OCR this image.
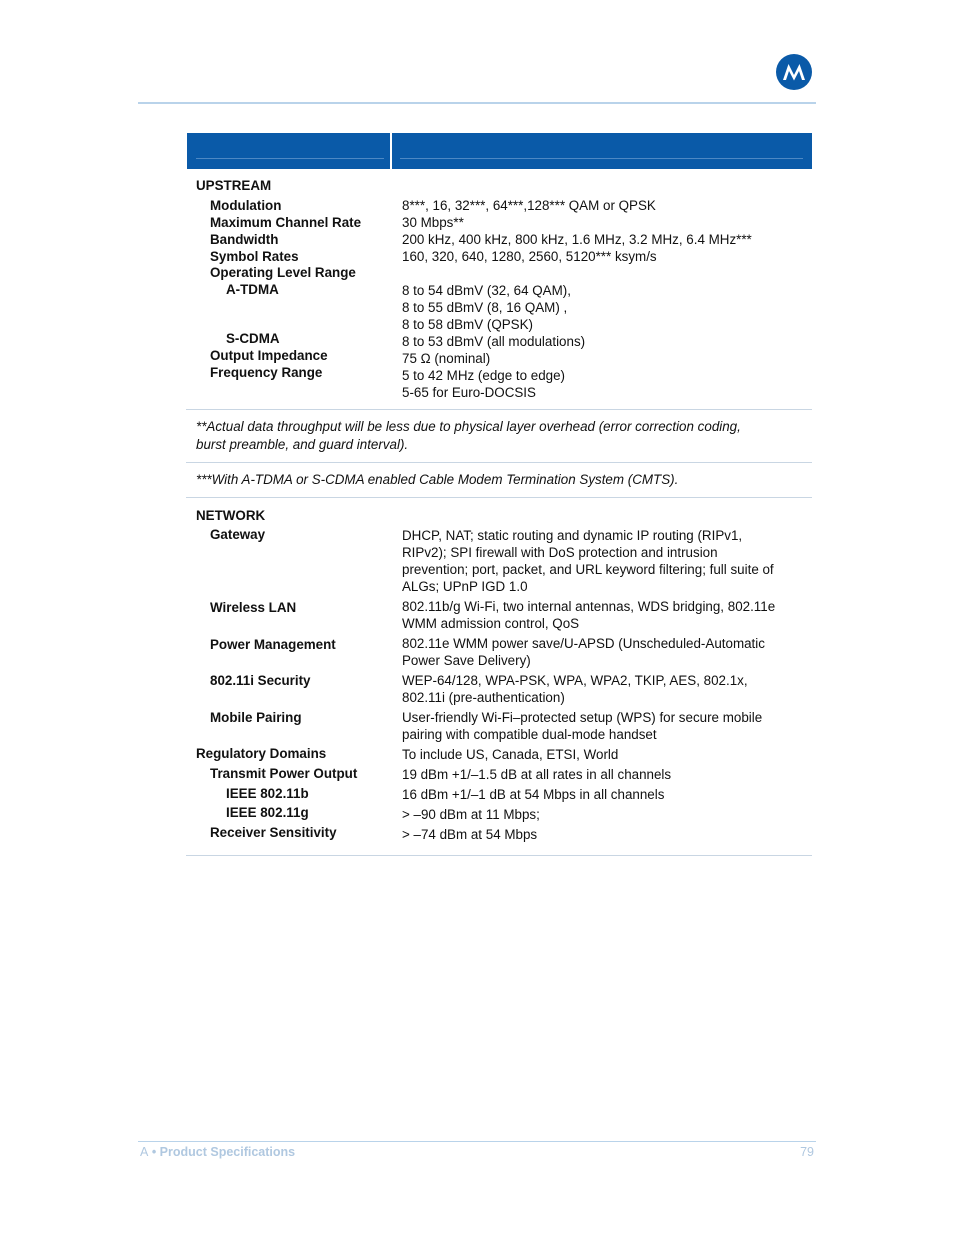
UPSTREAM
Modulation	8***, 16, 32***, 64***,128*** QAM or QPSK
Maximum Channel Rate	30 Mbps**
Bandwidth	200 kHz, 400 kHz, 800 kHz, 1.6 MHz, 3.2 MHz, 6.4 MHz***
Symbol Rates	160, 320, 640, 1280, 2560, 5120*** ksym/s
Operating Level Range
A-TDMA	8 to 54 dBmV (32, 64 QAM),
8 to 55 dBmV (8, 16 QAM) ,
8 to 58 dBmV (QPSK)
S-CDMA	8 to 53 dBmV (all modulations)
Output Impedance	75 Ω (nominal)
Frequency Range	5 to 42 MHz (edge to edge)
5-65 for Euro-DOCSIS
**Actual data throughput will be less due to physical layer overhead (error correction coding,
burst preamble, and guard interval).
***With A-TDMA or S-CDMA enabled Cable Modem Termination System (CMTS).
NETWORK
Gateway	DHCP, NAT; static routing and dynamic IP routing (RIPv1,
RIPv2); SPI firewall with DoS protection and intrusion
prevention; port, packet, and URL keyword filtering; full suite of
ALGs; UPnP IGD 1.0
Wireless LAN	802.11b/g Wi-Fi, two internal antennas, WDS bridging, 802.11e
WMM admission control, QoS
Power Management	802.11e WMM power save/U-APSD (Unscheduled-Automatic
Power Save Delivery)
802.11i Security	WEP-64/128, WPA-PSK, WPA, WPA2, TKIP, AES, 802.1x,
802.11i (pre-authentication)
Mobile Pairing	User-friendly Wi-Fi–protected setup (WPS) for secure mobile
pairing with compatible dual-mode handset
Regulatory Domains	To include US, Canada, ETSI, World
Transmit Power Output	19 dBm +1/–1.5 dB at all rates in all channels
IEEE 802.11b	16 dBm +1/–1 dB at 54 Mbps in all channels
IEEE 802.11g	> –90 dBm at 11 Mbps;
Receiver Sensitivity	> –74 dBm at 54 Mbps
A • Product Specifications	79
